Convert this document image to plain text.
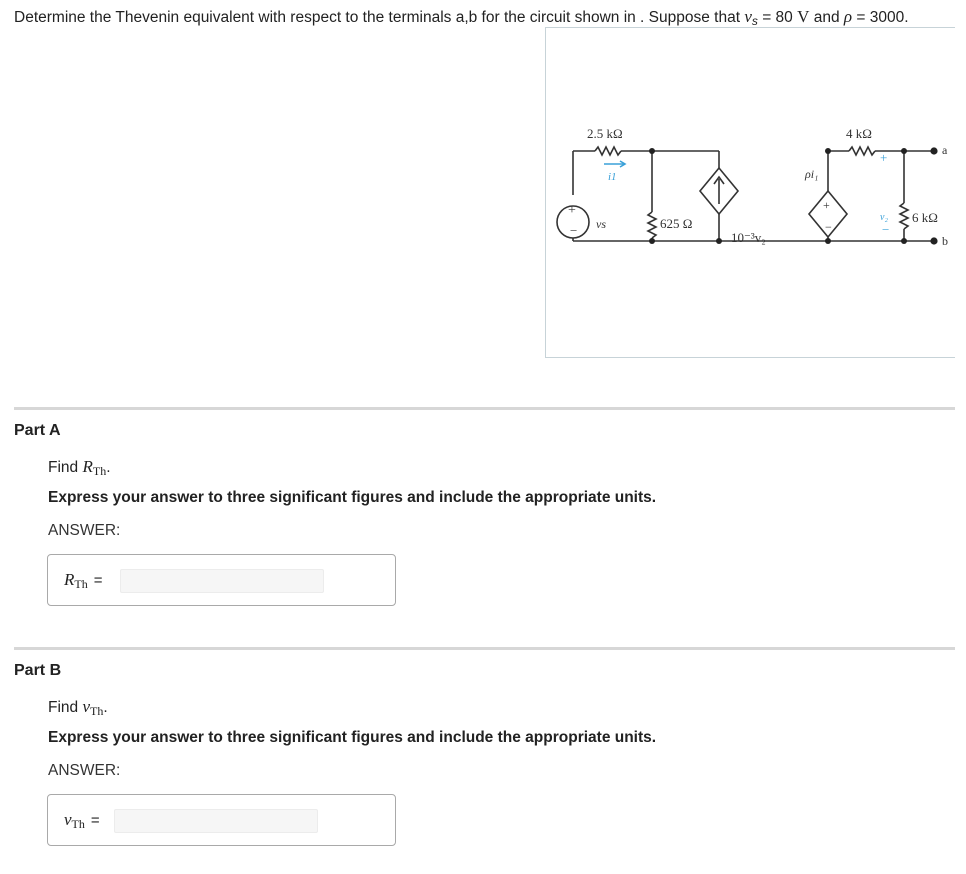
Determine the Thevenin equivalent with respect to the terminals a,b for the circuit shown in . Suppose that vs = 80 V and ρ = 3000.
2.5 kΩ
i1
+
− vs	625 Ω
10⁻³v₂
ρi₁
+
−
4 kΩ
+
v₂
−
6 kΩ
a
b
Part A
Find RTh.
Express your answer to three significant figures and include the appropriate units.
ANSWER:
RTh =
Part B
Find vTh.
Express your answer to three significant figures and include the appropriate units.
ANSWER:
vTh =
